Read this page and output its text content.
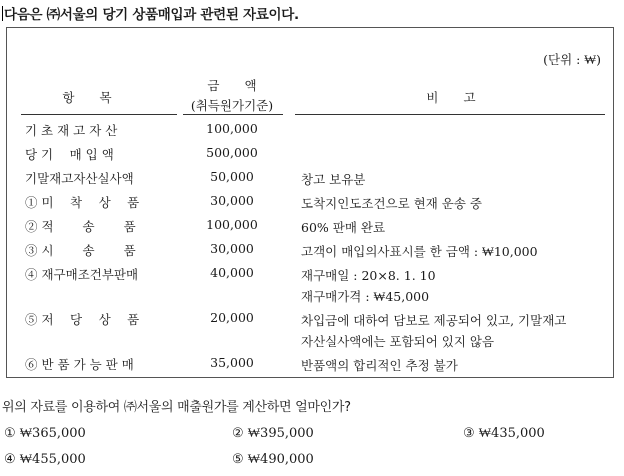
다음은 ㈜서울의 당기 상품매입과 관련된 자료이다.
(단위 : ₩)
항　　목
금　　액
(취득원가기준)
비　　고
기 초 재 고 자 산	100,000
당 기　 매 입 액	500,000
기말재고자산실사액	50,000	창고 보유분
① 미　 착　 상　 품	30,000	도착지인도조건으로 현재 운송 중
② 적　　 송　　 품	100,000	60% 판매 완료
③ 시　　 송　　 품	30,000	고객이 매입의사표시를 한 금액 : ₩10,000
④ 재구매조건부판매	40,000	재구매일 : 20×8. 1. 10
재구매가격 : ₩45,000
⑤ 저　 당　 상　 품	20,000	차입금에 대하여 담보로 제공되어 있고, 기말재고
자산실사액에는 포함되어 있지 않음
⑥ 반 품 가 능 판 매	35,000	반품액의 합리적인 추정 불가
위의 자료를 이용하여 ㈜서울의 매출원가를 계산하면 얼마인가?
① ₩365,000	② ₩395,000	③ ₩435,000
④ ₩455,000	⑤ ₩490,000
